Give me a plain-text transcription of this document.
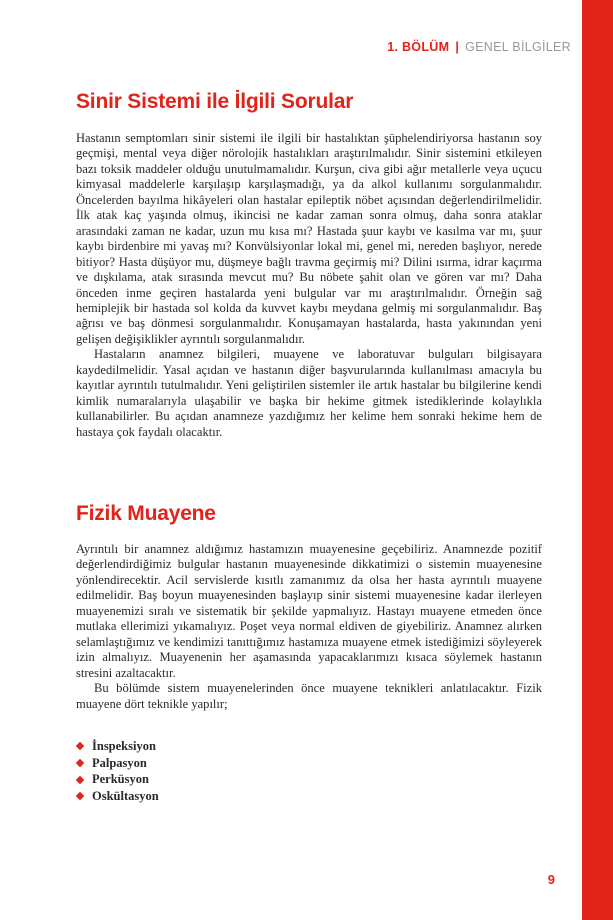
1. BÖLÜM | GENEL BİLGİLER
Sinir Sistemi ile İlgili Sorular

Hastanın semptomları sinir sistemi ile ilgili bir hastalıktan şüphelendiriyorsa hastanın soy geçmişi, mental veya diğer nörolojik hastalıkları araştırılmalıdır. Sinir sistemini etkileyen bazı toksik maddeler olduğu unutulmamalıdır. Kurşun, civa gibi ağır metallerle veya uçucu kimyasal maddelerle karşılaşıp karşılaşmadığı, ya da alkol kullanımı sorgulanmalıdır. Öncelerden bayılma hikâyeleri olan hastalar epileptik nöbet açısından değerlendirilmelidir. İlk atak kaç yaşında olmuş, ikincisi ne kadar zaman sonra olmuş, daha sonra ataklar arasındaki zaman ne kadar, uzun mu kısa mı? Hastada şuur kaybı ve kasılma var mı, şuur kaybı birdenbire mi yavaş mı? Konvülsiyonlar lokal mi, genel mi, nereden başlıyor, nerede bitiyor? Hasta düşüyor mu, düşmeye bağlı travma geçirmiş mi? Dilini ısırma, idrar kaçırma ve dışkılama, atak sırasında mevcut mu? Bu nöbete şahit olan ve gören var mı? Daha önceden inme geçiren hastalarda yeni bulgular var mı araştırılmalıdır. Örneğin sağ hemiplejik bir hastada sol kolda da kuvvet kaybı meydana gelmiş mi sorgulanmalıdır. Baş ağrısı ve baş dönmesi sorgulanmalıdır. Konuşamayan hastalarda, hasta yakınından yeni gelişen değişiklikler ayrıntılı sorgulanmalıdır.

Hastaların anamnez bilgileri, muayene ve laboratuvar bulguları bilgisayara kaydedilmelidir. Yasal açıdan ve hastanın diğer başvurularında kullanılması amacıyla bu kayıtlar ayrıntılı tutulmalıdır. Yeni geliştirilen sistemler ile artık hastalar bu bilgilerine kendi kimlik numaralarıyla ulaşabilir ve başka bir hekime gitmek istediklerinde kolaylıkla kullanabilirler. Bu açıdan anamneze yazdığımız her kelime hem sonraki hekime hem de hastaya çok faydalı olacaktır.

Fizik Muayene

Ayrıntılı bir anamnez aldığımız hastamızın muayenesine geçebiliriz. Anamnezde pozitif değerlendirdiğimiz bulgular hastanın muayenesinde dikkatimizi o sistemin muayenesine yönlendirecektir. Acil servislerde kısıtlı zamanımız da olsa her hasta ayrıntılı muayene edilmelidir. Baş boyun muayenesinden başlayıp sinir sistemi muayenesine kadar ilerleyen muayenemizi sıralı ve sistematik bir şekilde yapmalıyız. Hastayı muayene etmeden önce mutlaka ellerimizi yıkamalıyız. Poşet veya normal eldiven de giyebiliriz. Anamnez alırken selamlaştığımız ve kendimizi tanıttığımız hastamıza muayene etmek istediğimizi söyleyerek izin almalıyız. Muayenenin her aşamasında yapacaklarımızı kısaca söylemek hastanın stresini azaltacaktır.

Bu bölümde sistem muayenelerinden önce muayene teknikleri anlatılacaktır. Fizik muayene dört teknikle yapılır;

İnspeksiyon
Palpasyon
Perküsyon
Oskültasyon
9
